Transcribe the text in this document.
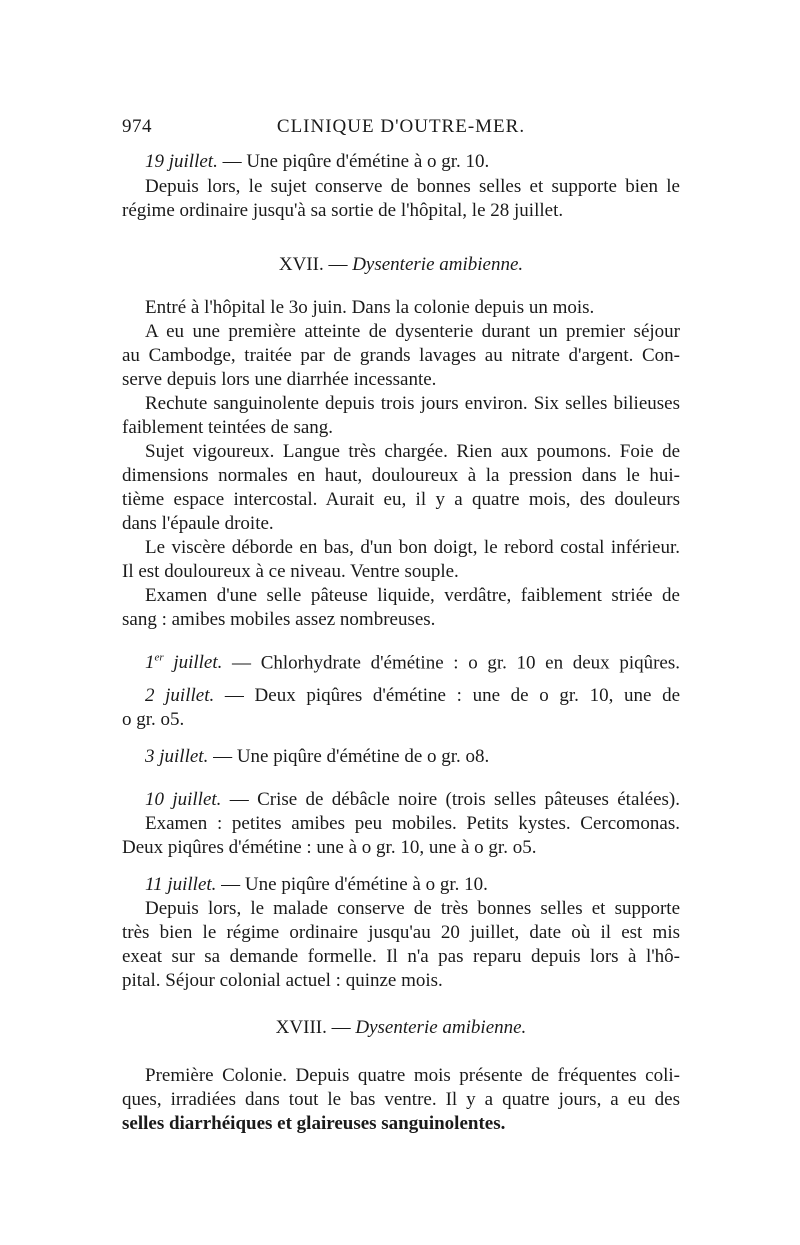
974	CLINIQUE D'OUTRE-MER.
19 juillet. — Une piqûre d'émétine à o gr. 10.
Depuis lors, le sujet conserve de bonnes selles et supporte bien le
régime ordinaire jusqu'à sa sortie de l'hôpital, le 28 juillet.
XVII. — Dysenterie amibienne.
Entré à l'hôpital le 3o juin. Dans la colonie depuis un mois.
A eu une première atteinte de dysenterie durant un premier séjour
au Cambodge, traitée par de grands lavages au nitrate d'argent. Con-
serve depuis lors une diarrhée incessante.
Rechute sanguinolente depuis trois jours environ. Six selles bilieuses
faiblement teintées de sang.
Sujet vigoureux. Langue très chargée. Rien aux poumons. Foie de
dimensions normales en haut, douloureux à la pression dans le hui-
tième espace intercostal. Aurait eu, il y a quatre mois, des douleurs
dans l'épaule droite.
Le viscère déborde en bas, d'un bon doigt, le rebord costal inférieur.
Il est douloureux à ce niveau. Ventre souple.
Examen d'une selle pâteuse liquide, verdâtre, faiblement striée de
sang : amibes mobiles assez nombreuses.
1er juillet. — Chlorhydrate d'émétine : o gr. 10 en deux piqûres.
2 juillet. — Deux piqûres d'émétine : une de o gr. 10, une de
o gr. o5.
3 juillet. — Une piqûre d'émétine de o gr. o8.
10 juillet. — Crise de débâcle noire (trois selles pâteuses étalées).
Examen : petites amibes peu mobiles. Petits kystes. Cercomonas.
Deux piqûres d'émétine : une à o gr. 10, une à o gr. o5.
11 juillet. — Une piqûre d'émétine à o gr. 10.
Depuis lors, le malade conserve de très bonnes selles et supporte
très bien le régime ordinaire jusqu'au 20 juillet, date où il est mis
exeat sur sa demande formelle. Il n'a pas reparu depuis lors à l'hô-
pital. Séjour colonial actuel : quinze mois.
XVIII. — Dysenterie amibienne.
Première Colonie. Depuis quatre mois présente de fréquentes coli-
ques, irradiées dans tout le bas ventre. Il y a quatre jours, a eu des
selles diarrhéiques et glaireuses sanguinolentes.
